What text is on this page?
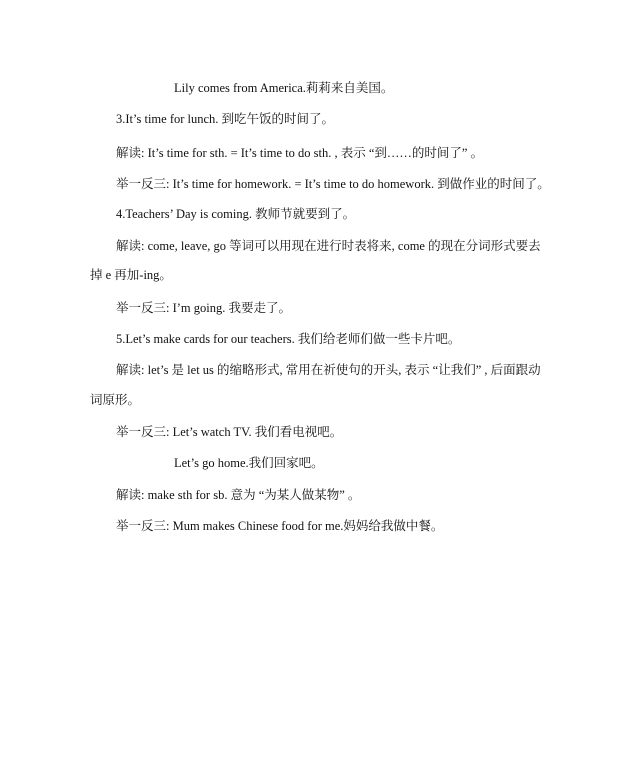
Lily comes from America.莉莉来自美国。
3.It’s time for lunch. 到吃午饭的时间了。
解读: It’s time for sth. = It’s time to do sth. , 表示 “到……的时间了” 。
举一反三: It’s time for homework. = It’s time to do homework. 到做作业的时间了。
4.Teachers’ Day is coming. 教师节就要到了。
解读: come, leave, go 等词可以用现在进行时表将来, come 的现在分词形式要去
掉 e 再加-ing。
举一反三: I’m going. 我要走了。
5.Let’s make cards for our teachers. 我们给老师们做一些卡片吧。
解读: let’s 是 let us 的缩略形式, 常用在祈使句的开头, 表示 “让我们” , 后面跟动
词原形。
举一反三: Let’s watch TV. 我们看电视吧。
Let’s go home.我们回家吧。
解读: make sth for sb. 意为 “为某人做某物” 。
举一反三: Mum makes Chinese food for me.妈妈给我做中餐。
